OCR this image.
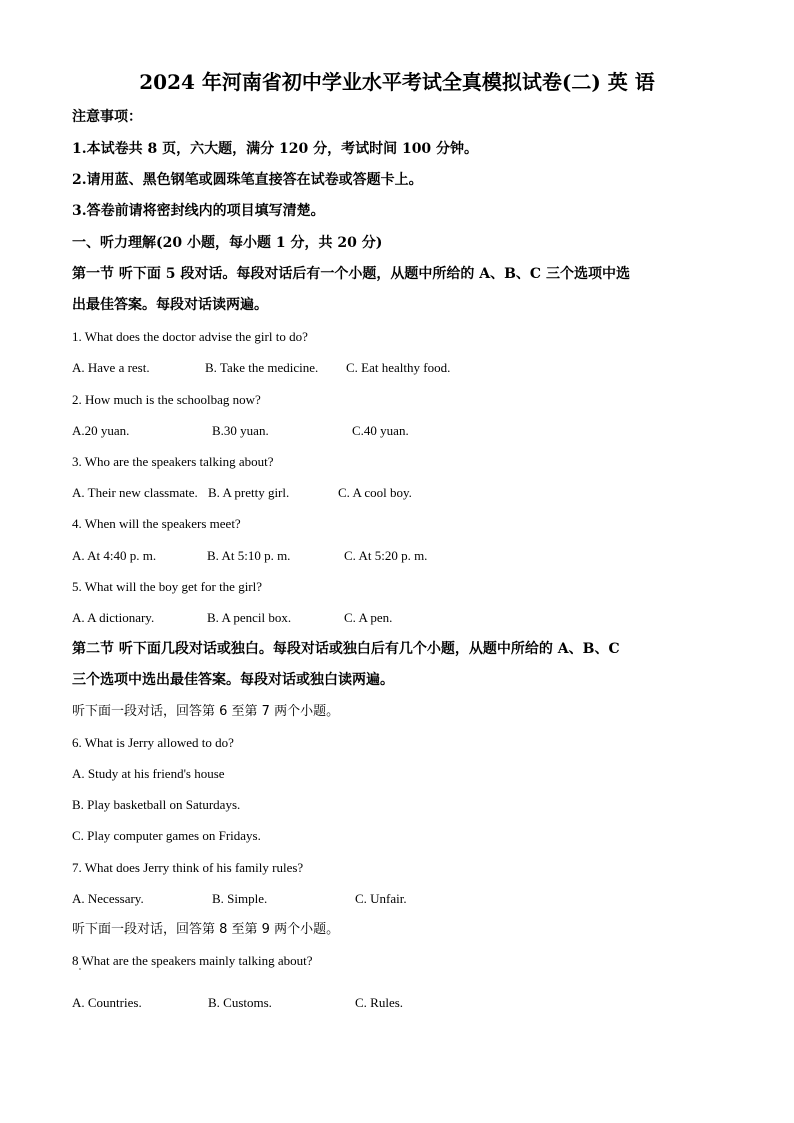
2024 年河南省初中学业水平考试全真模拟试卷(二) 英 语
注意事项：
1.本试卷共 8 页，六大题，满分 120 分，考试时间 100 分钟。
2.请用蓝、黑色钢笔或圆珠笔直接答在试卷或答题卡上。
3.答卷前请将密封线内的项目填写清楚。
一、听力理解(20 小题，每小题 1 分，共 20 分)
第一节 听下面 5 段对话。每段对话后有一个小题，从题中所给的 A、B、C 三个选项中选
出最佳答案。每段对话读两遍。
1. What does the doctor advise the girl to do?
A. Have a rest.	B. Take the medicine. C. Eat healthy food.
2. How much is the schoolbag now?
A.20 yuan.	B.30 yuan.	C.40 yuan.
3. Who are the speakers talking about?
A. Their new classmate. B. A pretty girl.	C. A cool boy.
4. When will the speakers meet?
A. At 4:40 p. m.	B. At 5:10 p. m.	C. At 5:20 p. m.
5. What will the boy get for the girl?
A. A dictionary.	B. A pencil box.	C. A pen.
第二节 听下面几段对话或独白。每段对话或独白后有几个小题，从题中所给的 A、B、C
三个选项中选出最佳答案。每段对话或独白读两遍。
听下面一段对话，回答第 6 至第 7 两个小题。
6. What is Jerry allowed to do?
A. Study at his friend's house
B. Play basketball on Saturdays.
C. Play computer games on Fridays.
7. What does Jerry think of his family rules?
A. Necessary.	B. Simple.	C. Unfair.
听下面一段对话，回答第 8 至第 9 两个小题。
8 What are the speakers mainly talking about?
A. Countries.	B. Customs.	C. Rules.
